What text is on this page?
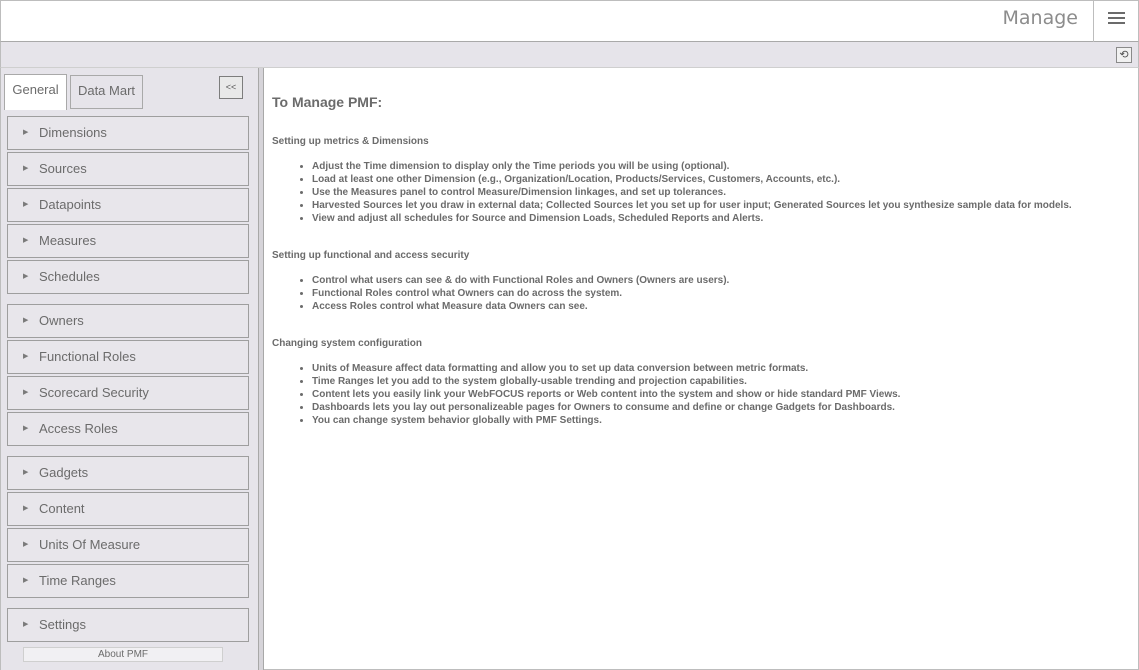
Manage
⟲
General	Data Mart	<<
▶ Dimensions
▶ Sources
▶ Datapoints
▶ Measures
▶ Schedules
▶ Owners
▶ Functional Roles
▶ Scorecard Security
▶ Access Roles
▶ Gadgets
▶ Content
▶ Units Of Measure
▶ Time Ranges
▶ Settings
About PMF
To Manage PMF:
Setting up metrics & Dimensions
• Adjust the Time dimension to display only the Time periods you will be using (optional).
• Load at least one other Dimension (e.g., Organization/Location, Products/Services, Customers, Accounts, etc.).
• Use the Measures panel to control Measure/Dimension linkages, and set up tolerances.
• Harvested Sources let you draw in external data; Collected Sources let you set up for user input; Generated Sources let you synthesize sample data for models.
• View and adjust all schedules for Source and Dimension Loads, Scheduled Reports and Alerts.
Setting up functional and access security
• Control what users can see & do with Functional Roles and Owners (Owners are users).
• Functional Roles control what Owners can do across the system.
• Access Roles control what Measure data Owners can see.
Changing system configuration
• Units of Measure affect data formatting and allow you to set up data conversion between metric formats.
• Time Ranges let you add to the system globally-usable trending and projection capabilities.
• Content lets you easily link your WebFOCUS reports or Web content into the system and show or hide standard PMF Views.
• Dashboards lets you lay out personalizeable pages for Owners to consume and define or change Gadgets for Dashboards.
• You can change system behavior globally with PMF Settings.
